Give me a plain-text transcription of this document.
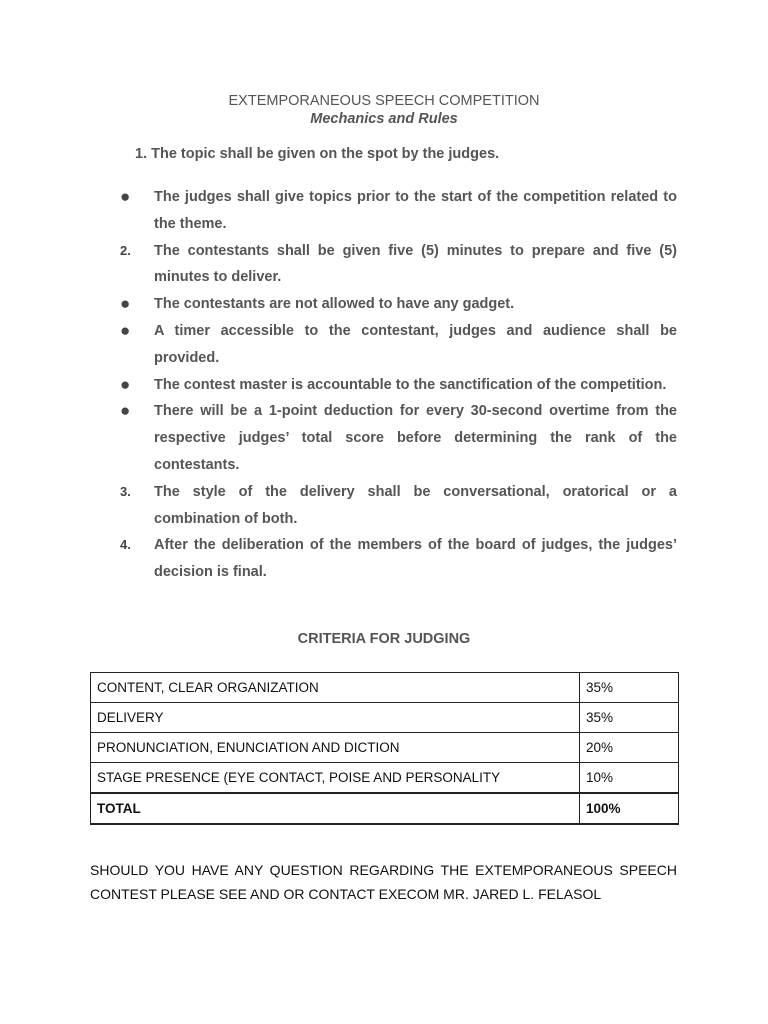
EXTEMPORANEOUS SPEECH COMPETITION
Mechanics and Rules
1. The topic shall be given on the spot by the judges.
●	The judges shall give topics prior to the start of the competition related to the theme.
2.	The contestants shall be given five (5) minutes to prepare and five (5) minutes to deliver.
●	The contestants are not allowed to have any gadget.
●	A timer accessible to the contestant, judges and audience shall be provided.
●	The contest master is accountable to the sanctification of the competition.
●	There will be a 1-point deduction for every 30-second overtime from the respective judges’ total score before determining the rank of the contestants.
3.	The style of the delivery shall be conversational, oratorical or a combination of both.
4.	After the deliberation of the members of the board of judges, the judges’ decision is final.
CRITERIA FOR JUDGING
CONTENT, CLEAR ORGANIZATION	35%
DELIVERY	35%
PRONUNCIATION, ENUNCIATION AND DICTION	20%
STAGE PRESENCE (EYE CONTACT, POISE AND PERSONALITY	10%
TOTAL	100%
SHOULD YOU HAVE ANY QUESTION REGARDING THE EXTEMPORANEOUS SPEECH CONTEST PLEASE SEE AND OR CONTACT EXECOM MR. JARED L. FELASOL
